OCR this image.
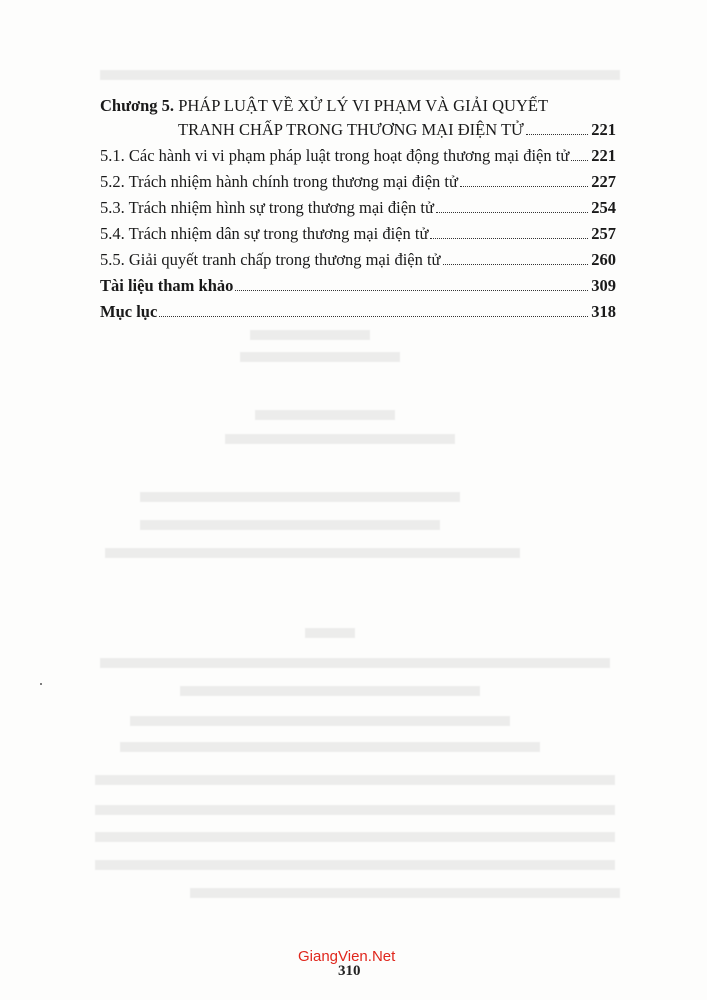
Chương 5. PHÁP LUẬT VỀ XỬ LÝ VI PHẠM VÀ GIẢI QUYẾT
TRANH CHẤP TRONG THƯƠNG MẠI ĐIỆN TỬ	221
5.1. Các hành vi vi phạm pháp luật trong hoạt động thương mại điện tử 221
5.2. Trách nhiệm hành chính trong thương mại điện tử	227
5.3. Trách nhiệm hình sự trong thương mại điện tử	254
5.4. Trách nhiệm dân sự trong thương mại điện tử	257
5.5. Giải quyết tranh chấp trong thương mại điện tử	260
Tài liệu tham khảo	309
Mục lục	318
GiangVien.Net
310
